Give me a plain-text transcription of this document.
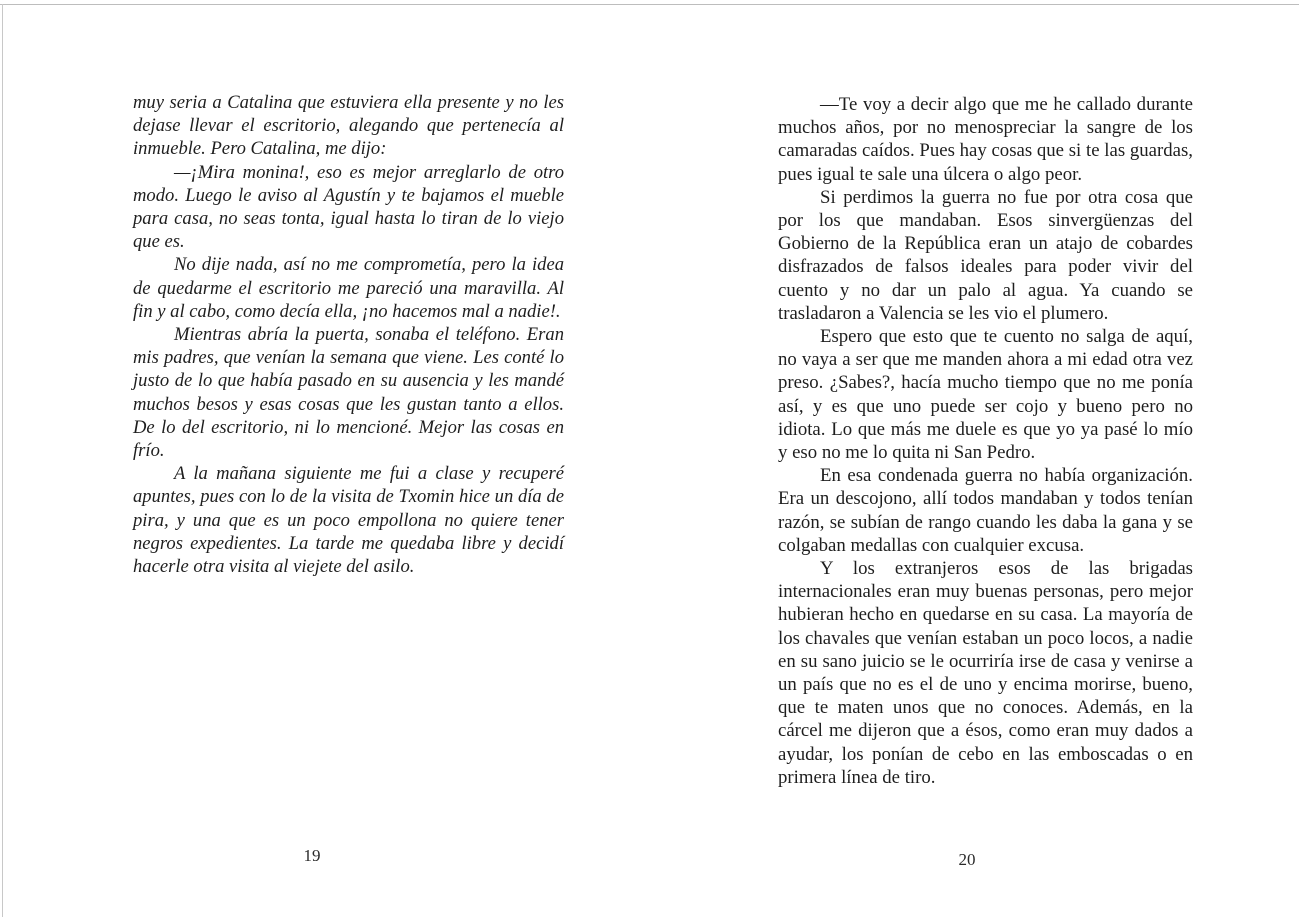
muy seria a Catalina que estuviera ella presente y no les dejase llevar el escritorio, alegando que pertenecía al inmueble. Pero Catalina, me dijo:

—¡Mira monina!, eso es mejor arreglarlo de otro modo. Luego le aviso al Agustín y te bajamos el mueble para casa, no seas tonta, igual hasta lo tiran de lo viejo que es.

No dije nada, así no me comprometía, pero la idea de quedarme el escritorio me pareció una maravilla. Al fin y al cabo, como decía ella, ¡no hacemos mal a nadie!.

Mientras abría la puerta, sonaba el teléfono. Eran mis padres, que venían la semana que viene. Les conté lo justo de lo que había pasado en su ausencia y les mandé muchos besos y esas cosas que les gustan tanto a ellos. De lo del escritorio, ni lo mencioné. Mejor las cosas en frío.

A la mañana siguiente me fui a clase y recuperé apuntes, pues con lo de la visita de Txomin hice un día de pira, y una que es un poco empollona no quiere tener negros expedientes. La tarde me quedaba libre y decidí hacerle otra visita al viejete del asilo.

19

—Te voy a decir algo que me he callado durante muchos años, por no menospreciar la sangre de los camaradas caídos. Pues hay cosas que si te las guardas, pues igual te sale una úlcera o algo peor.

Si perdimos la guerra no fue por otra cosa que por los que mandaban. Esos sinvergüenzas del Gobierno de la República eran un atajo de cobardes disfrazados de falsos ideales para poder vivir del cuento y no dar un palo al agua. Ya cuando se trasladaron a Valencia se les vio el plumero.

Espero que esto que te cuento no salga de aquí, no vaya a ser que me manden ahora a mi edad otra vez preso. ¿Sabes?, hacía mucho tiempo que no me ponía así, y es que uno puede ser cojo y bueno pero no idiota. Lo que más me duele es que yo ya pasé lo mío y eso no me lo quita ni San Pedro.

En esa condenada guerra no había organización. Era un descojono, allí todos mandaban y todos tenían razón, se subían de rango cuando les daba la gana y se colgaban medallas con cualquier excusa.

Y los extranjeros esos de las brigadas internacionales eran muy buenas personas, pero mejor hubieran hecho en quedarse en su casa. La mayoría de los chavales que venían estaban un poco locos, a nadie en su sano juicio se le ocurriría irse de casa y venirse a un país que no es el de uno y encima morirse, bueno, que te maten unos que no conoces. Además, en la cárcel me dijeron que a ésos, como eran muy dados a ayudar, los ponían de cebo en las emboscadas o en primera línea de tiro.

20
